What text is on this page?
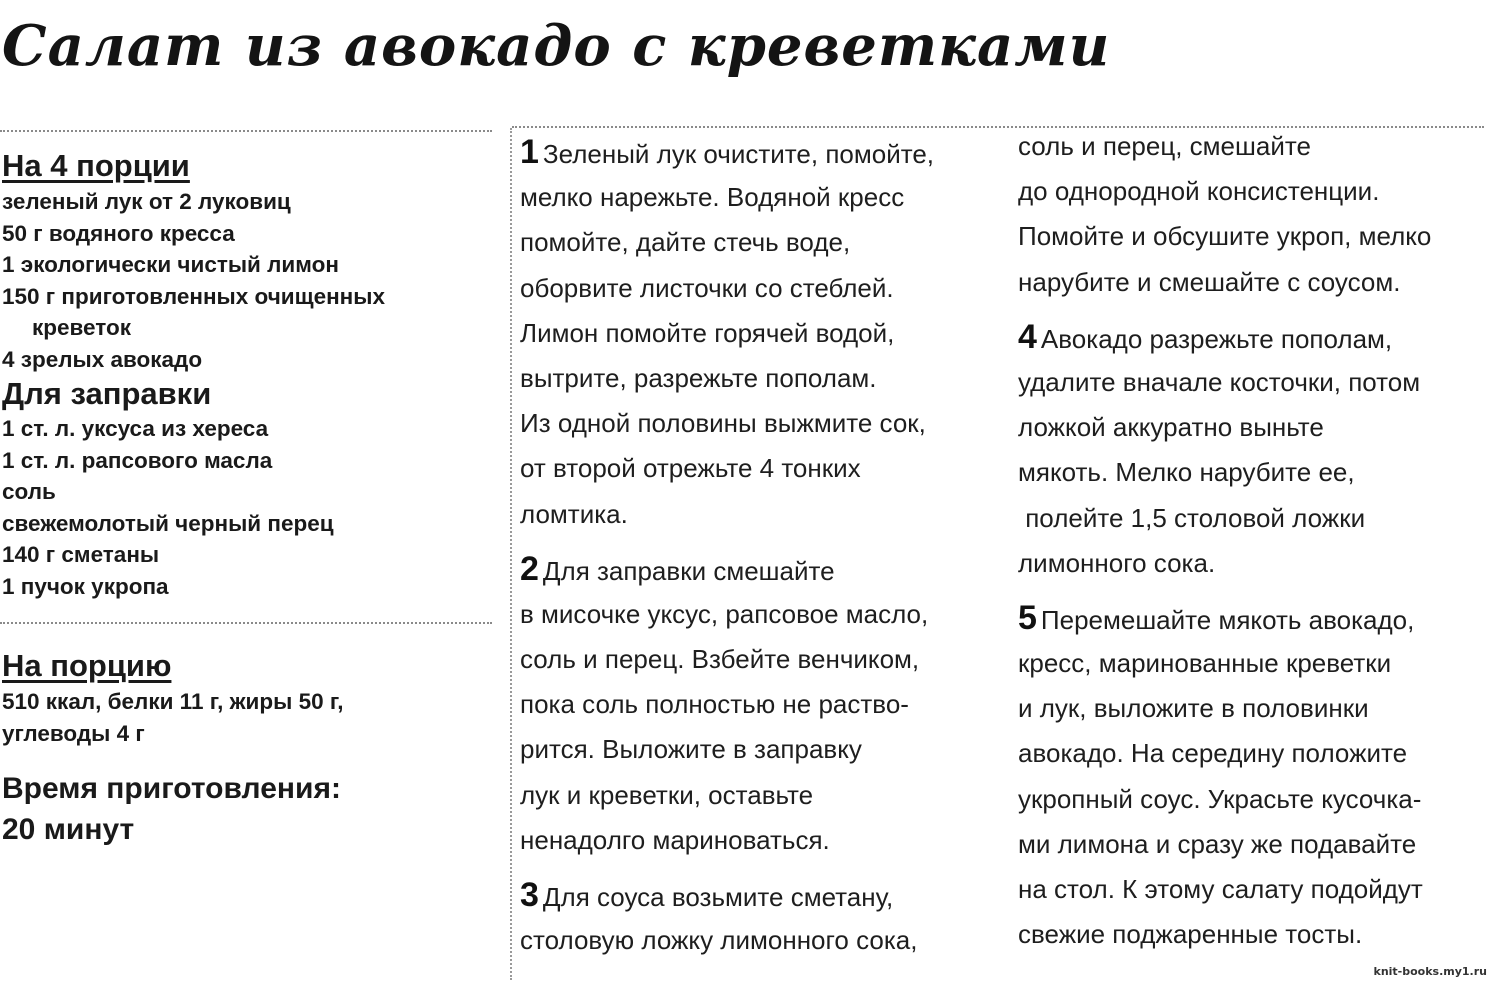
Салат из авокадо с креветками
На 4 порции
зеленый лук от 2 луковиц
50 г водяного кресса
1 экологически чистый лимон
150 г приготовленных очищенных
креветок
4 зрелых авокадо
Для заправки
1 ст. л. уксуса из хереса
1 ст. л. рапсового масла
соль
свежемолотый черный перец
140 г сметаны
1 пучок укропа
На порцию
510 ккал, белки 11 г, жиры 50 г,
углеводы 4 г
Время приготовления:
20 минут
1 Зеленый лук очистите, помойте,
мелко нарежьте. Водяной кресс
помойте, дайте стечь воде,
оборвите листочки со стеблей.
Лимон помойте горячей водой,
вытрите, разрежьте пополам.
Из одной половины выжмите сок,
от второй отрежьте 4 тонких
ломтика.
2 Для заправки смешайте
в мисочке уксус, рапсовое масло,
соль и перец. Взбейте венчиком,
пока соль полностью не раство-
рится. Выложите в заправку
лук и креветки, оставьте
ненадолго мариноваться.
3 Для соуса возьмите сметану,
столовую ложку лимонного сока,
соль и перец, смешайте
до однородной консистенции.
Помойте и обсушите укроп, мелко
нарубите и смешайте с соусом.
4 Авокадо разрежьте пополам,
удалите вначале косточки, потом
ложкой аккуратно выньте
мякоть. Мелко нарубите ее,
полейте 1,5 столовой ложки
лимонного сока.
5 Перемешайте мякоть авокадо,
кресс, маринованные креветки
и лук, выложите в половинки
авокадо. На середину положите
укропный соус. Украсьте кусочка-
ми лимона и сразу же подавайте
на стол. К этому салату подойдут
свежие поджаренные тосты.
knit-books.my1.ru
